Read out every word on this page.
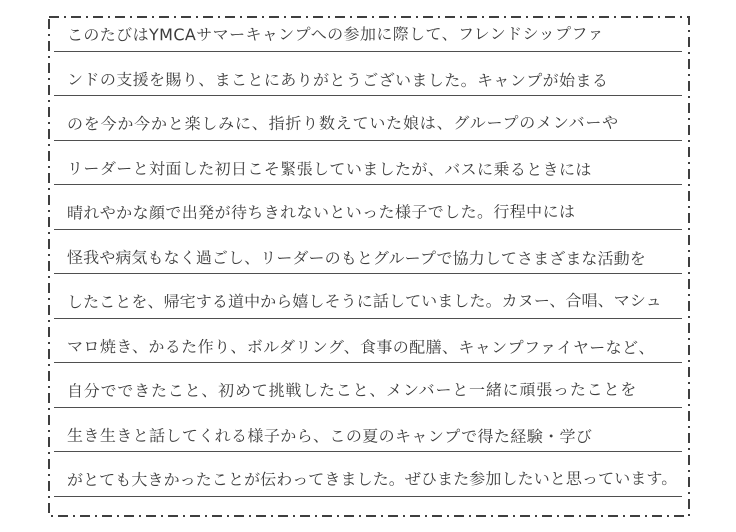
このたびはYMCAサマーキャンプへの参加に際して、フレンドシップファ
ンドの支援を賜り、まことにありがとうございました。キャンプが始まる
のを今か今かと楽しみに、指折り数えていた娘は、グループのメンバーや
リーダーと対面した初日こそ緊張していましたが、バスに乗るときには
晴れやかな顔で出発が待ちきれないといった様子でした。行程中には
怪我や病気もなく過ごし、リーダーのもとグループで協力してさまざまな活動を
したことを、帰宅する道中から嬉しそうに話していました。カヌー、合唱、マシュ
マロ焼き、かるた作り、ボルダリング、食事の配膳、キャンプファイヤーなど、
自分でできたこと、初めて挑戦したこと、メンバーと一緒に頑張ったことを
生き生きと話してくれる様子から、この夏のキャンプで得た経験・学び
がとても大きかったことが伝わってきました。ぜひまた参加したいと思っています。
